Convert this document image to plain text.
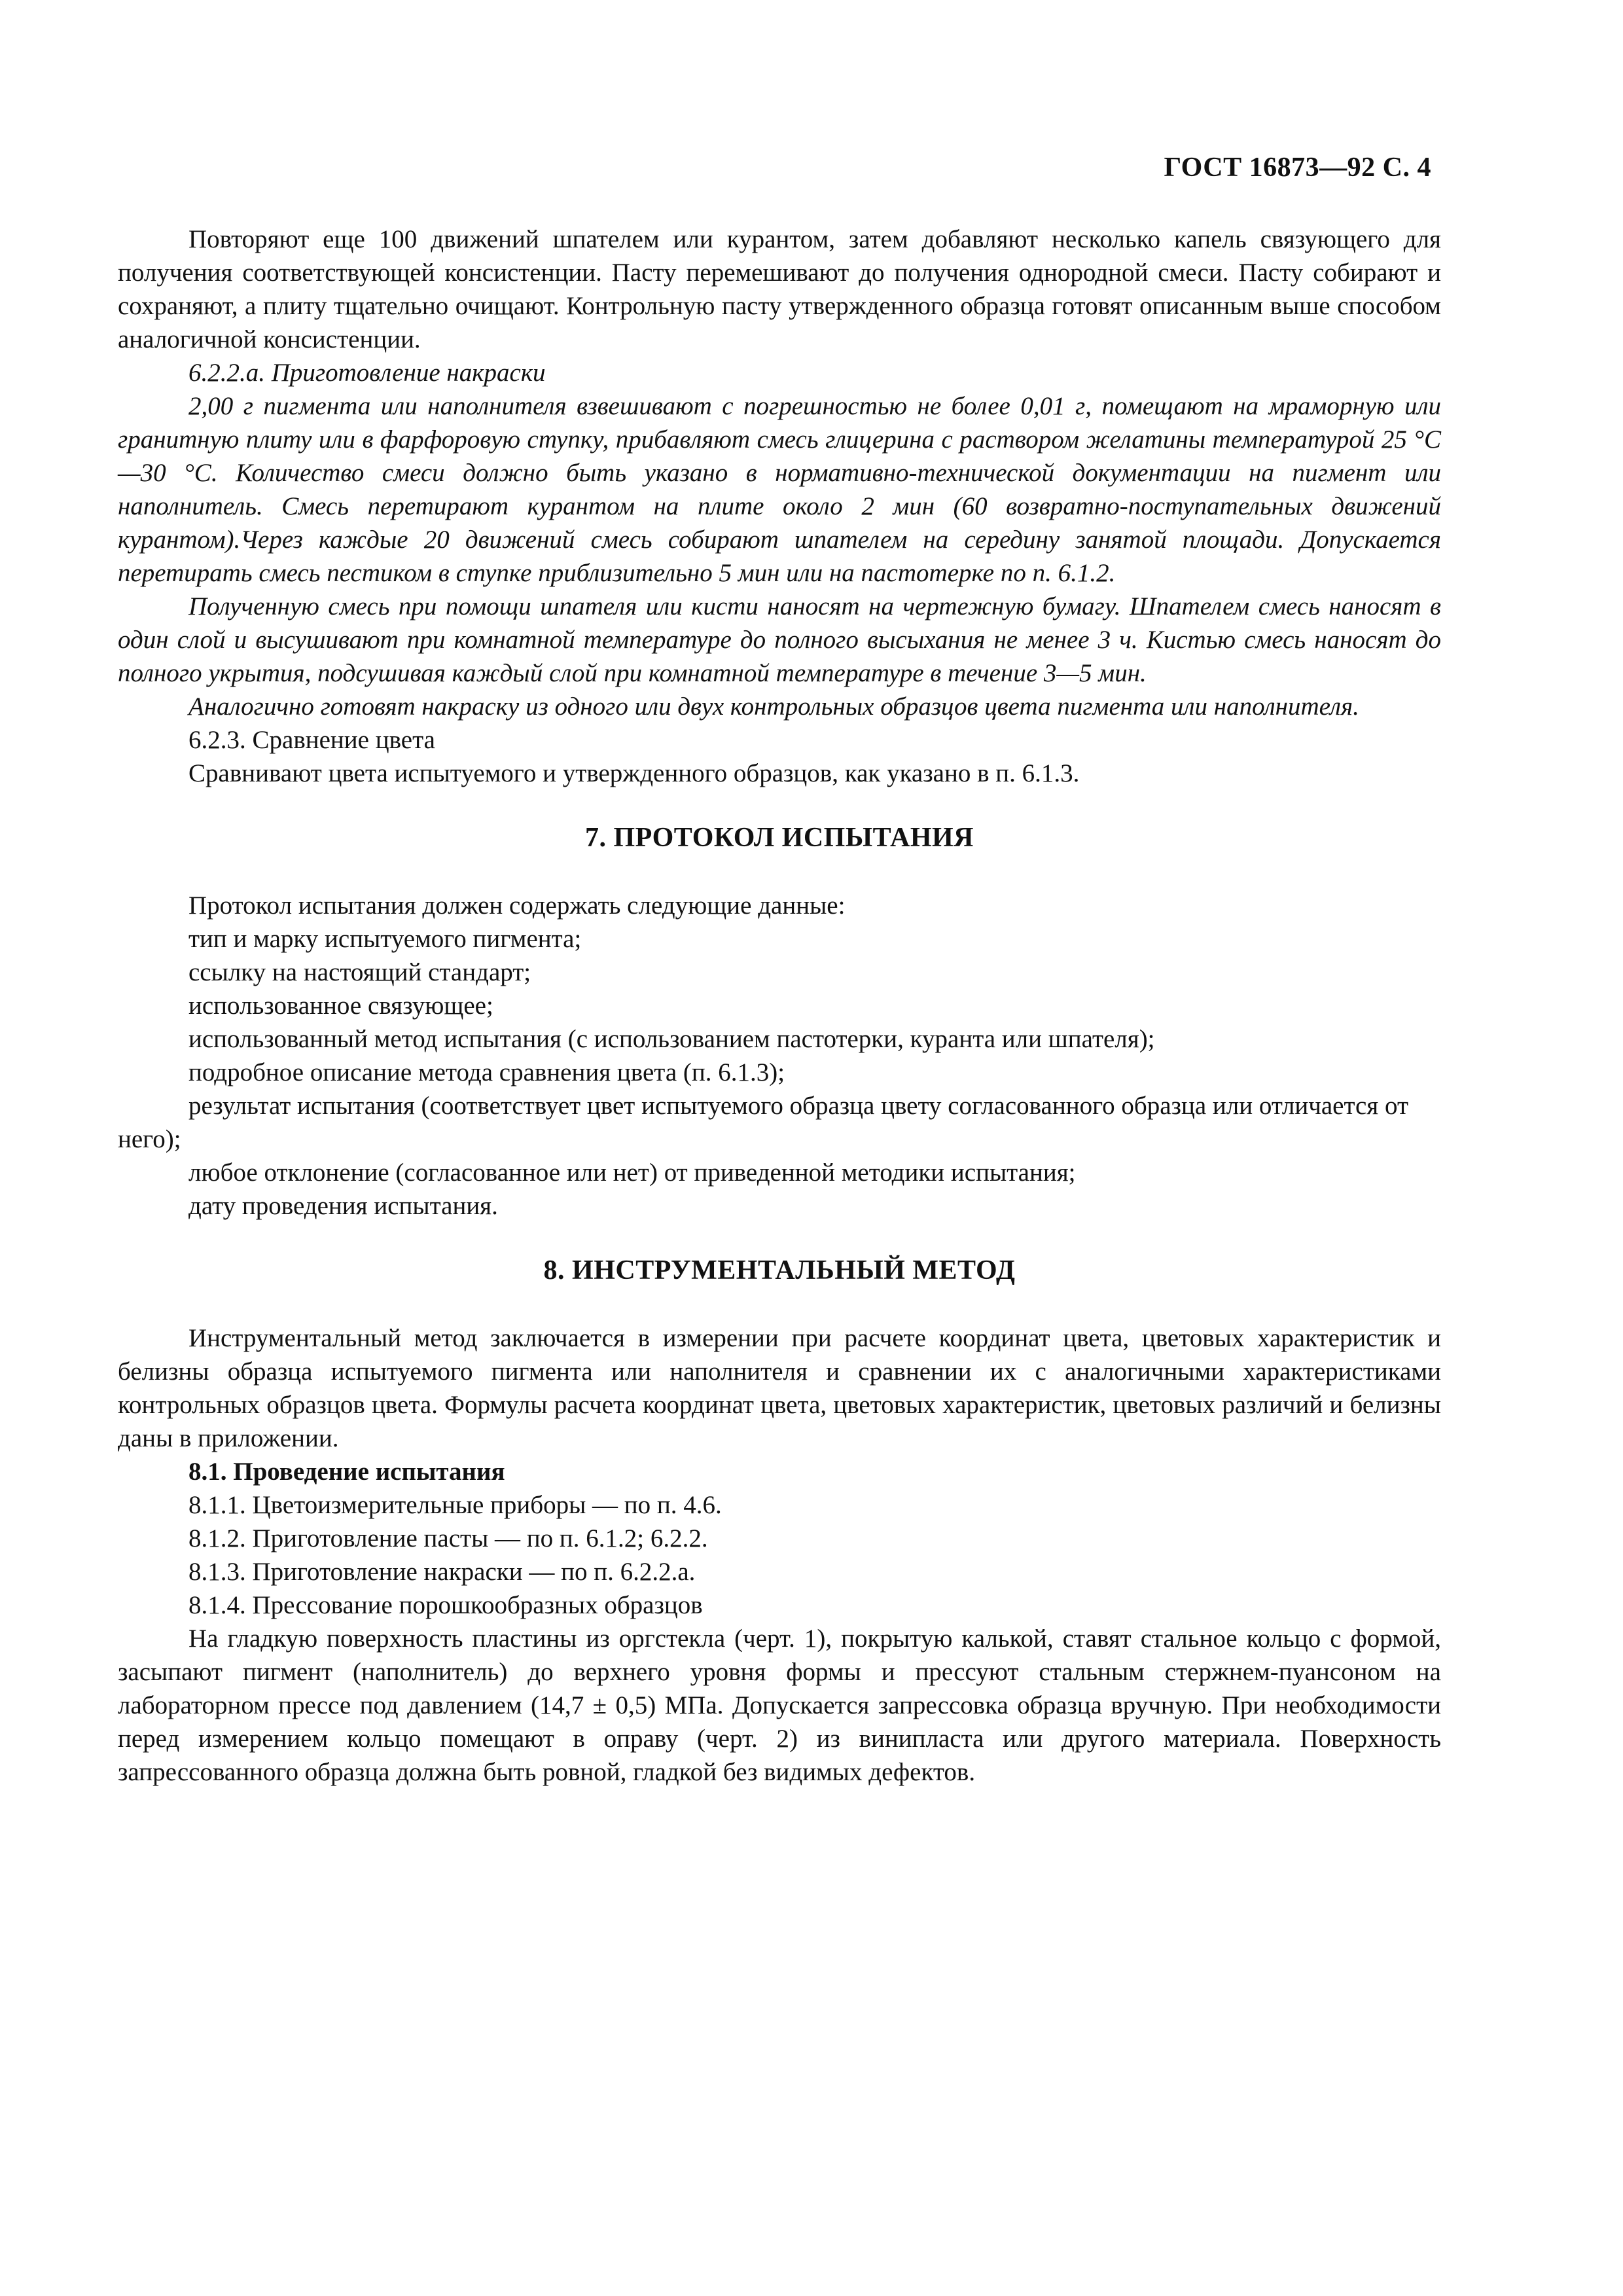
ГОСТ 16873—92 С. 4

Повторяют еще 100 движений шпателем или курантом, затем добавляют несколько капель связующего для получения соответствующей консистенции. Пасту перемешивают до получения однородной смеси. Пасту собирают и сохраняют, а плиту тщательно очищают. Контрольную пасту утвержденного образца готовят описанным выше способом аналогичной консистенции.

6.2.2.а. Приготовление накраски

2,00 г пигмента или наполнителя взвешивают с погрешностью не более 0,01 г, помещают на мраморную или гранитную плиту или в фарфоровую ступку, прибавляют смесь глицерина с раствором желатины температурой 25 °С—30 °С. Количество смеси должно быть указано в нормативно-технической документации на пигмент или наполнитель. Смесь перетирают курантом на плите около 2 мин (60 возвратно-поступательных движений курантом).Через каждые 20 движений смесь собирают шпателем на середину занятой площади. Допускается перетирать смесь пестиком в ступке приблизительно 5 мин или на пастотерке по п. 6.1.2.

Полученную смесь при помощи шпателя или кисти наносят на чертежную бумагу. Шпателем смесь наносят в один слой и высушивают при комнатной температуре до полного высыхания не менее 3 ч. Кистью смесь наносят до полного укрытия, подсушивая каждый слой при комнатной температуре в течение 3—5 мин.

Аналогично готовят накраску из одного или двух контрольных образцов цвета пигмента или наполнителя.

6.2.3. Сравнение цвета
Сравнивают цвета испытуемого и утвержденного образцов, как указано в п. 6.1.3.
7. ПРОТОКОЛ ИСПЫТАНИЯ
Протокол испытания должен содержать следующие данные:
тип и марку испытуемого пигмента;
ссылку на настоящий стандарт;
использованное связующее;
использованный метод испытания (с использованием пастотерки, куранта или шпателя);
подробное описание метода сравнения цвета (п. 6.1.3);

результат испытания (соответствует цвет испытуемого образца цвету согласованного образца или отличается от него);

любое отклонение (согласованное или нет) от приведенной методики испытания;
дату проведения испытания.
8. ИНСТРУМЕНТАЛЬНЫЙ МЕТОД

Инструментальный метод заключается в измерении при расчете координат цвета, цветовых характеристик и белизны образца испытуемого пигмента или наполнителя и сравнении их с аналогичными характеристиками контрольных образцов цвета. Формулы расчета координат цвета, цветовых характеристик, цветовых различий и белизны даны в приложении.

8.1. Проведение испытания
8.1.1. Цветоизмерительные приборы — по п. 4.6.
8.1.2. Приготовление пасты — по п. 6.1.2; 6.2.2.
8.1.3. Приготовление накраски — по п. 6.2.2.а.
8.1.4. Прессование порошкообразных образцов

На гладкую поверхность пластины из оргстекла (черт. 1), покрытую калькой, ставят стальное кольцо с формой, засыпают пигмент (наполнитель) до верхнего уровня формы и прессуют стальным стержнем-пуансоном на лабораторном прессе под давлением (14,7 ± 0,5) МПа. Допускается запрессовка образца вручную. При необходимости перед измерением кольцо помещают в оправу (черт. 2) из винипласта или другого материала. Поверхность запрессованного образца должна быть ровной, гладкой без видимых дефектов.
